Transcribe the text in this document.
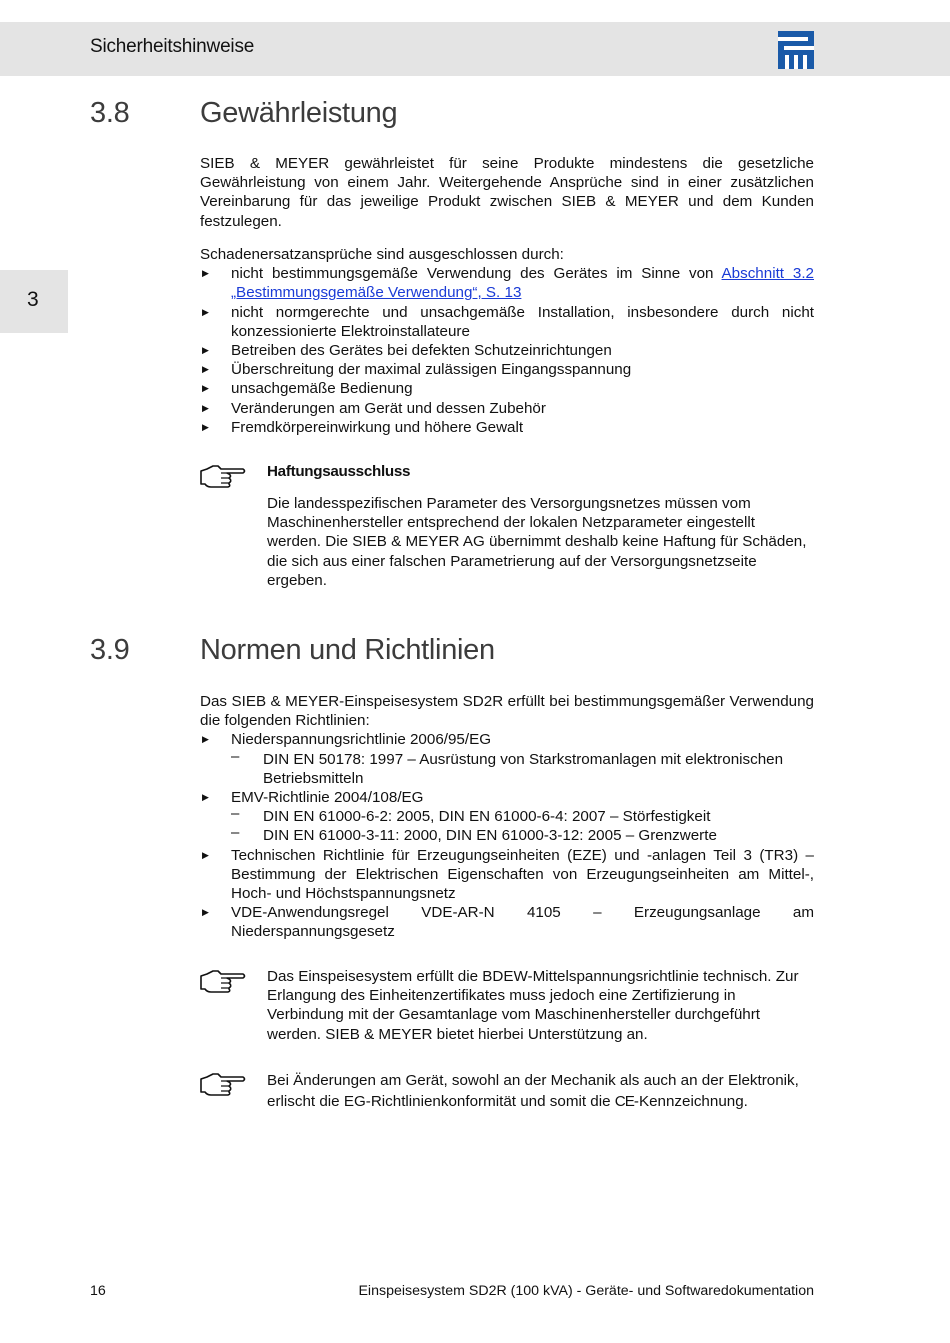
Sicherheitshinweise
3
3.8 Gewährleistung

SIEB & MEYER gewährleistet für seine Produkte mindestens die gesetzliche Gewährleistung von einem Jahr. Weitergehende Ansprüche sind in einer zusätzlichen Vereinbarung für das jeweilige Produkt zwischen SIEB & MEYER und dem Kunden festzulegen.

Schadenersatzansprüche sind ausgeschlossen durch:
▶ nicht bestimmungsgemäße Verwendung des Gerätes im Sinne von Abschnitt 3.2 „Bestimmungsgemäße Verwendung“, S. 13
▶ nicht normgerechte und unsachgemäße Installation, insbesondere durch nicht konzessionierte Elektroinstallateure
▶ Betreiben des Gerätes bei defekten Schutzeinrichtungen
▶ Überschreitung der maximal zulässigen Eingangsspannung
▶ unsachgemäße Bedienung
▶ Veränderungen am Gerät und dessen Zubehör
▶ Fremdkörpereinwirkung und höhere Gewalt
Haftungsausschluss

Die landesspezifischen Parameter des Versorgungsnetzes müssen vom Maschinenhersteller entsprechend der lokalen Netzparameter eingestellt werden. Die SIEB & MEYER AG übernimmt deshalb keine Haftung für Schäden, die sich aus einer falschen Parametrierung auf der Versorgungsnetzseite ergeben.

3.9 Normen und Richtlinien
Das SIEB & MEYER-Einspeisesystem SD2R erfüllt bei bestimmungsgemäßer Verwendung die folgenden Richtlinien:
▶ Niederspannungsrichtlinie 2006/95/EG
– DIN EN 50178: 1997 – Ausrüstung von Starkstromanlagen mit elektronischen Betriebsmitteln
▶ EMV-Richtlinie 2004/108/EG
– DIN EN 61000-6-2: 2005, DIN EN 61000-6-4: 2007 – Störfestigkeit
– DIN EN 61000-3-11: 2000, DIN EN 61000-3-12: 2005 – Grenzwerte
▶ Technischen Richtlinie für Erzeugungseinheiten (EZE) und -anlagen Teil 3 (TR3) – Bestimmung der Elektrischen Eigenschaften von Erzeugungseinheiten am Mittel-, Hoch- und Höchstspannungsnetz
▶ VDE-Anwendungsregel VDE-AR-N 4105 – Erzeugungsanlage am Niederspannungsgesetz

Das Einspeisesystem erfüllt die BDEW-Mittelspannungsrichtlinie technisch. Zur Erlangung des Einheitenzertifikates muss jedoch eine Zertifizierung in Verbindung mit der Gesamtanlage vom Maschinenhersteller durchgeführt werden. SIEB & MEYER bietet hierbei Unterstützung an.

Bei Änderungen am Gerät, sowohl an der Mechanik als auch an der Elektronik, erlischt die EG-Richtlinienkonformität und somit die CE-Kennzeichnung.

16	Einspeisesystem SD2R (100 kVA) - Geräte- und Softwaredokumentation
